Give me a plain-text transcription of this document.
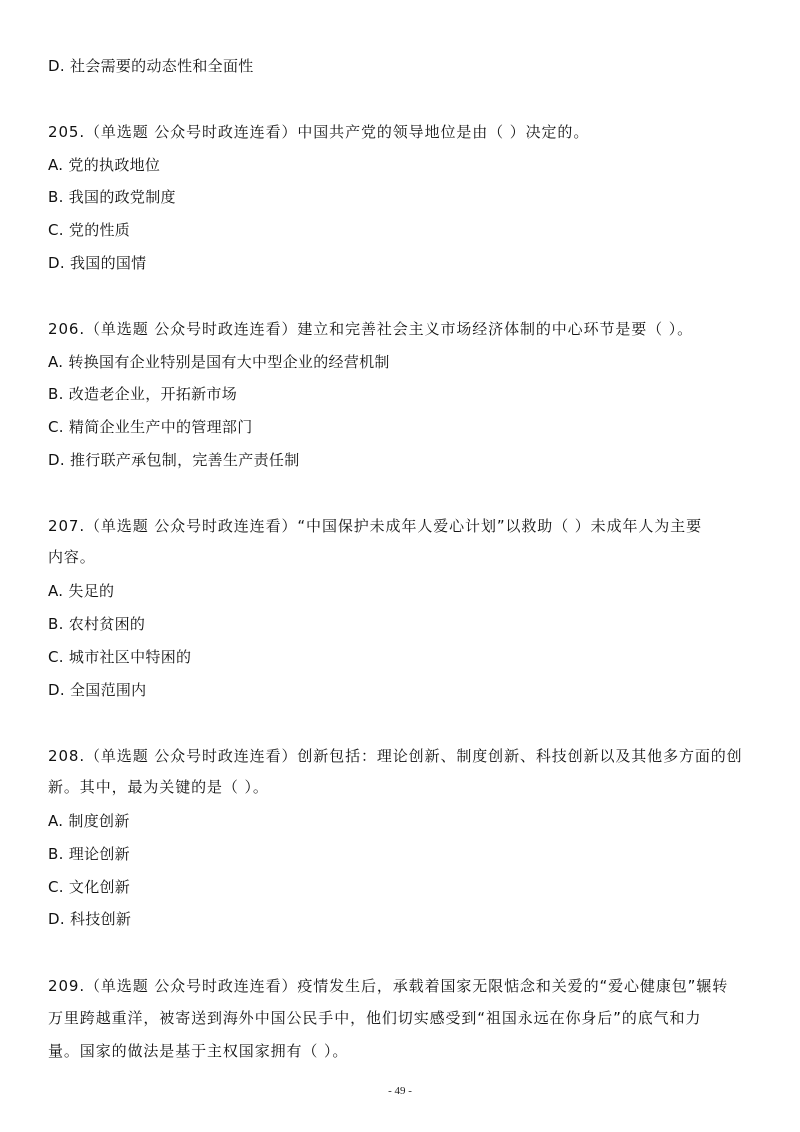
D. 社会需要的动态性和全面性
205.（单选题 公众号时政连连看）中国共产党的领导地位是由（ ）决定的。
A. 党的执政地位
B. 我国的政党制度
C. 党的性质
D. 我国的国情
206.（单选题 公众号时政连连看）建立和完善社会主义市场经济体制的中心环节是要（ ）。
A. 转换国有企业特别是国有大中型企业的经营机制
B. 改造老企业，开拓新市场
C. 精简企业生产中的管理部门
D. 推行联产承包制，完善生产责任制
207.（单选题 公众号时政连连看）“中国保护未成年人爱心计划”以救助（ ）未成年人为主要
内容。
A. 失足的
B. 农村贫困的
C. 城市社区中特困的
D. 全国范围内
208.（单选题 公众号时政连连看）创新包括：理论创新、制度创新、科技创新以及其他多方面的创
新。其中，最为关键的是（ ）。
A. 制度创新
B. 理论创新
C. 文化创新
D. 科技创新
209.（单选题 公众号时政连连看）疫情发生后，承载着国家无限惦念和关爱的“爱心健康包”辗转
万里跨越重洋，被寄送到海外中国公民手中，他们切实感受到“祖国永远在你身后”的底气和力
量。国家的做法是基于主权国家拥有（ ）。
- 49 -
